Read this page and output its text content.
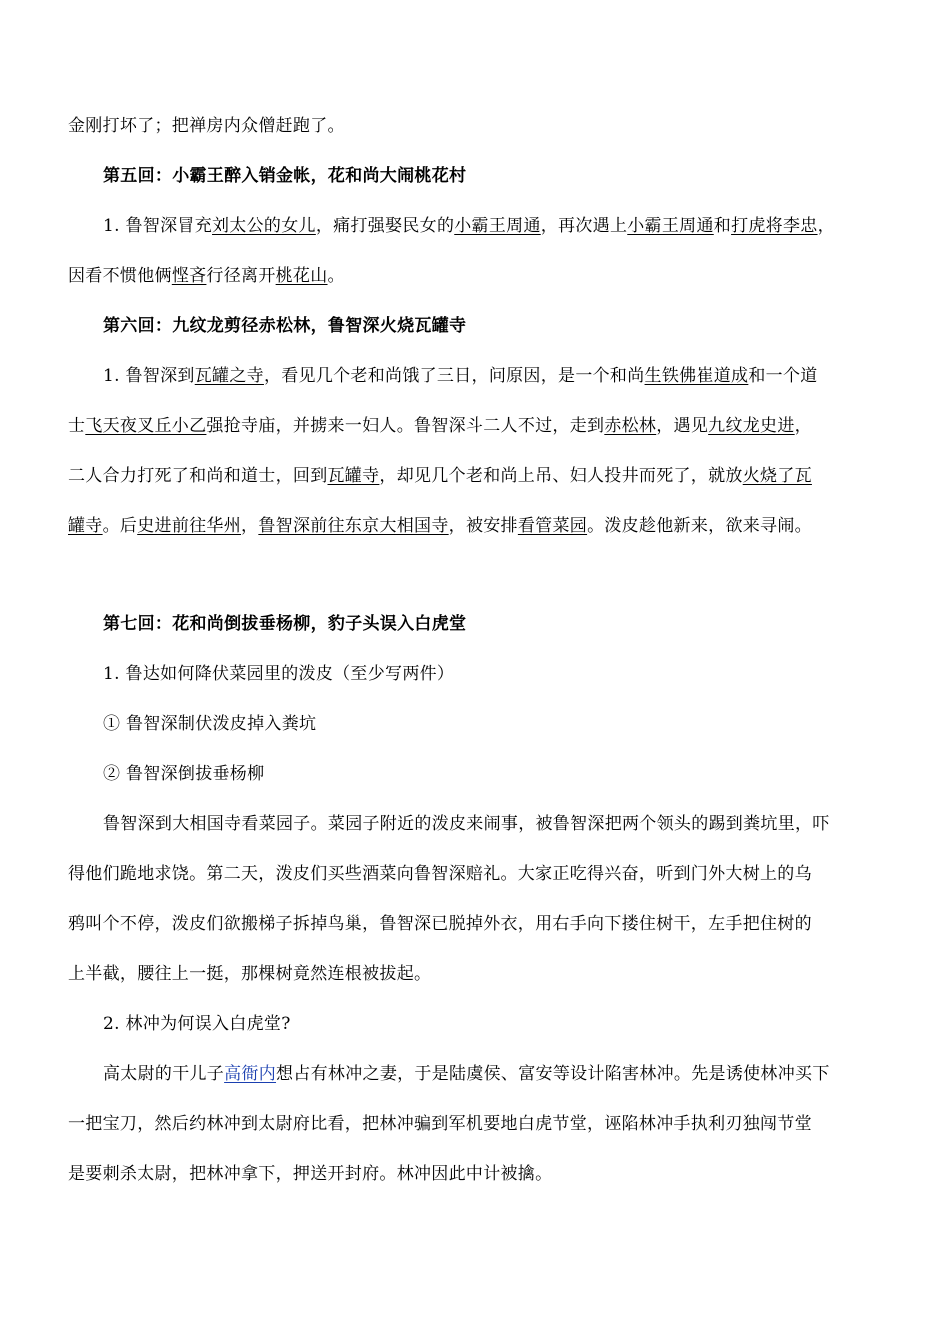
金刚打坏了；把禅房内众僧赶跑了。
第五回：小霸王醉入销金帐，花和尚大闹桃花村
1. 鲁智深冒充刘太公的女儿，痛打强娶民女的小霸王周通，再次遇上小霸王周通和打虎将李忠，
因看不惯他俩悭吝行径离开桃花山。
第六回：九纹龙剪径赤松林，鲁智深火烧瓦罐寺
1. 鲁智深到瓦罐之寺，看见几个老和尚饿了三日，问原因，是一个和尚生铁佛崔道成和一个道
士飞天夜叉丘小乙强抢寺庙，并掳来一妇人。鲁智深斗二人不过，走到赤松林，遇见九纹龙史进，
二人合力打死了和尚和道士，回到瓦罐寺，却见几个老和尚上吊、妇人投井而死了，就放火烧了瓦
罐寺。后史进前往华州，鲁智深前往东京大相国寺，被安排看管菜园。泼皮趁他新来，欲来寻闹。
第七回：花和尚倒拔垂杨柳，豹子头误入白虎堂
1. 鲁达如何降伏菜园里的泼皮（至少写两件）
① 鲁智深制伏泼皮掉入粪坑
② 鲁智深倒拔垂杨柳
鲁智深到大相国寺看菜园子。菜园子附近的泼皮来闹事，被鲁智深把两个领头的踢到粪坑里，吓
得他们跪地求饶。第二天，泼皮们买些酒菜向鲁智深赔礼。大家正吃得兴奋，听到门外大树上的乌
鸦叫个不停，泼皮们欲搬梯子拆掉鸟巢，鲁智深已脱掉外衣，用右手向下搂住树干，左手把住树的
上半截，腰往上一挺，那棵树竟然连根被拔起。
2. 林冲为何误入白虎堂?
高太尉的干儿子高衙内想占有林冲之妻，于是陆虞侯、富安等设计陷害林冲。先是诱使林冲买下
一把宝刀，然后约林冲到太尉府比看，把林冲骗到军机要地白虎节堂，诬陷林冲手执利刃独闯节堂
是要刺杀太尉，把林冲拿下，押送开封府。林冲因此中计被擒。
